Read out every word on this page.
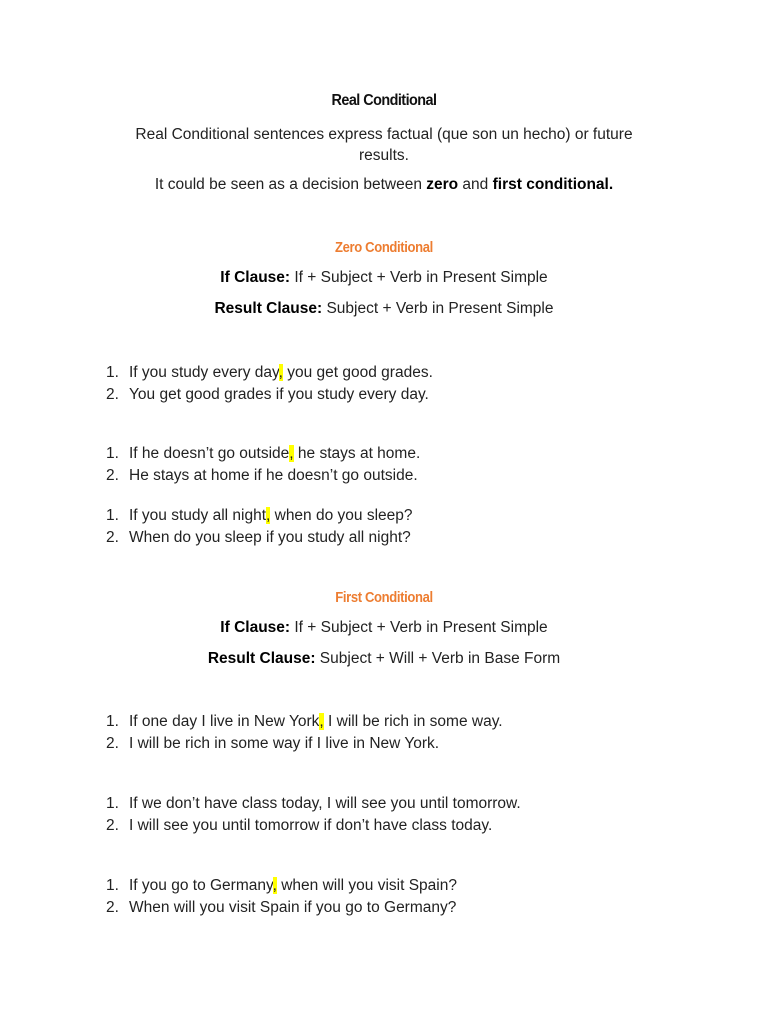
Real Conditional
Real Conditional sentences express factual (que son un hecho) or future results.
It could be seen as a decision between zero and first conditional.
Zero Conditional
If Clause: If + Subject + Verb in Present Simple
Result Clause: Subject + Verb in Present Simple
1. If you study every day, you get good grades.
2. You get good grades if you study every day.
1. If he doesn’t go outside, he stays at home.
2. He stays at home if he doesn’t go outside.
1. If you study all night, when do you sleep?
2. When do you sleep if you study all night?
First Conditional
If Clause: If + Subject + Verb in Present Simple
Result Clause: Subject + Will + Verb in Base Form
1. If one day I live in New York, I will be rich in some way.
2. I will be rich in some way if I live in New York.
1. If we don’t have class today, I will see you until tomorrow.
2. I will see you until tomorrow if don’t have class today.
1. If you go to Germany, when will you visit Spain?
2. When will you visit Spain if you go to Germany?
